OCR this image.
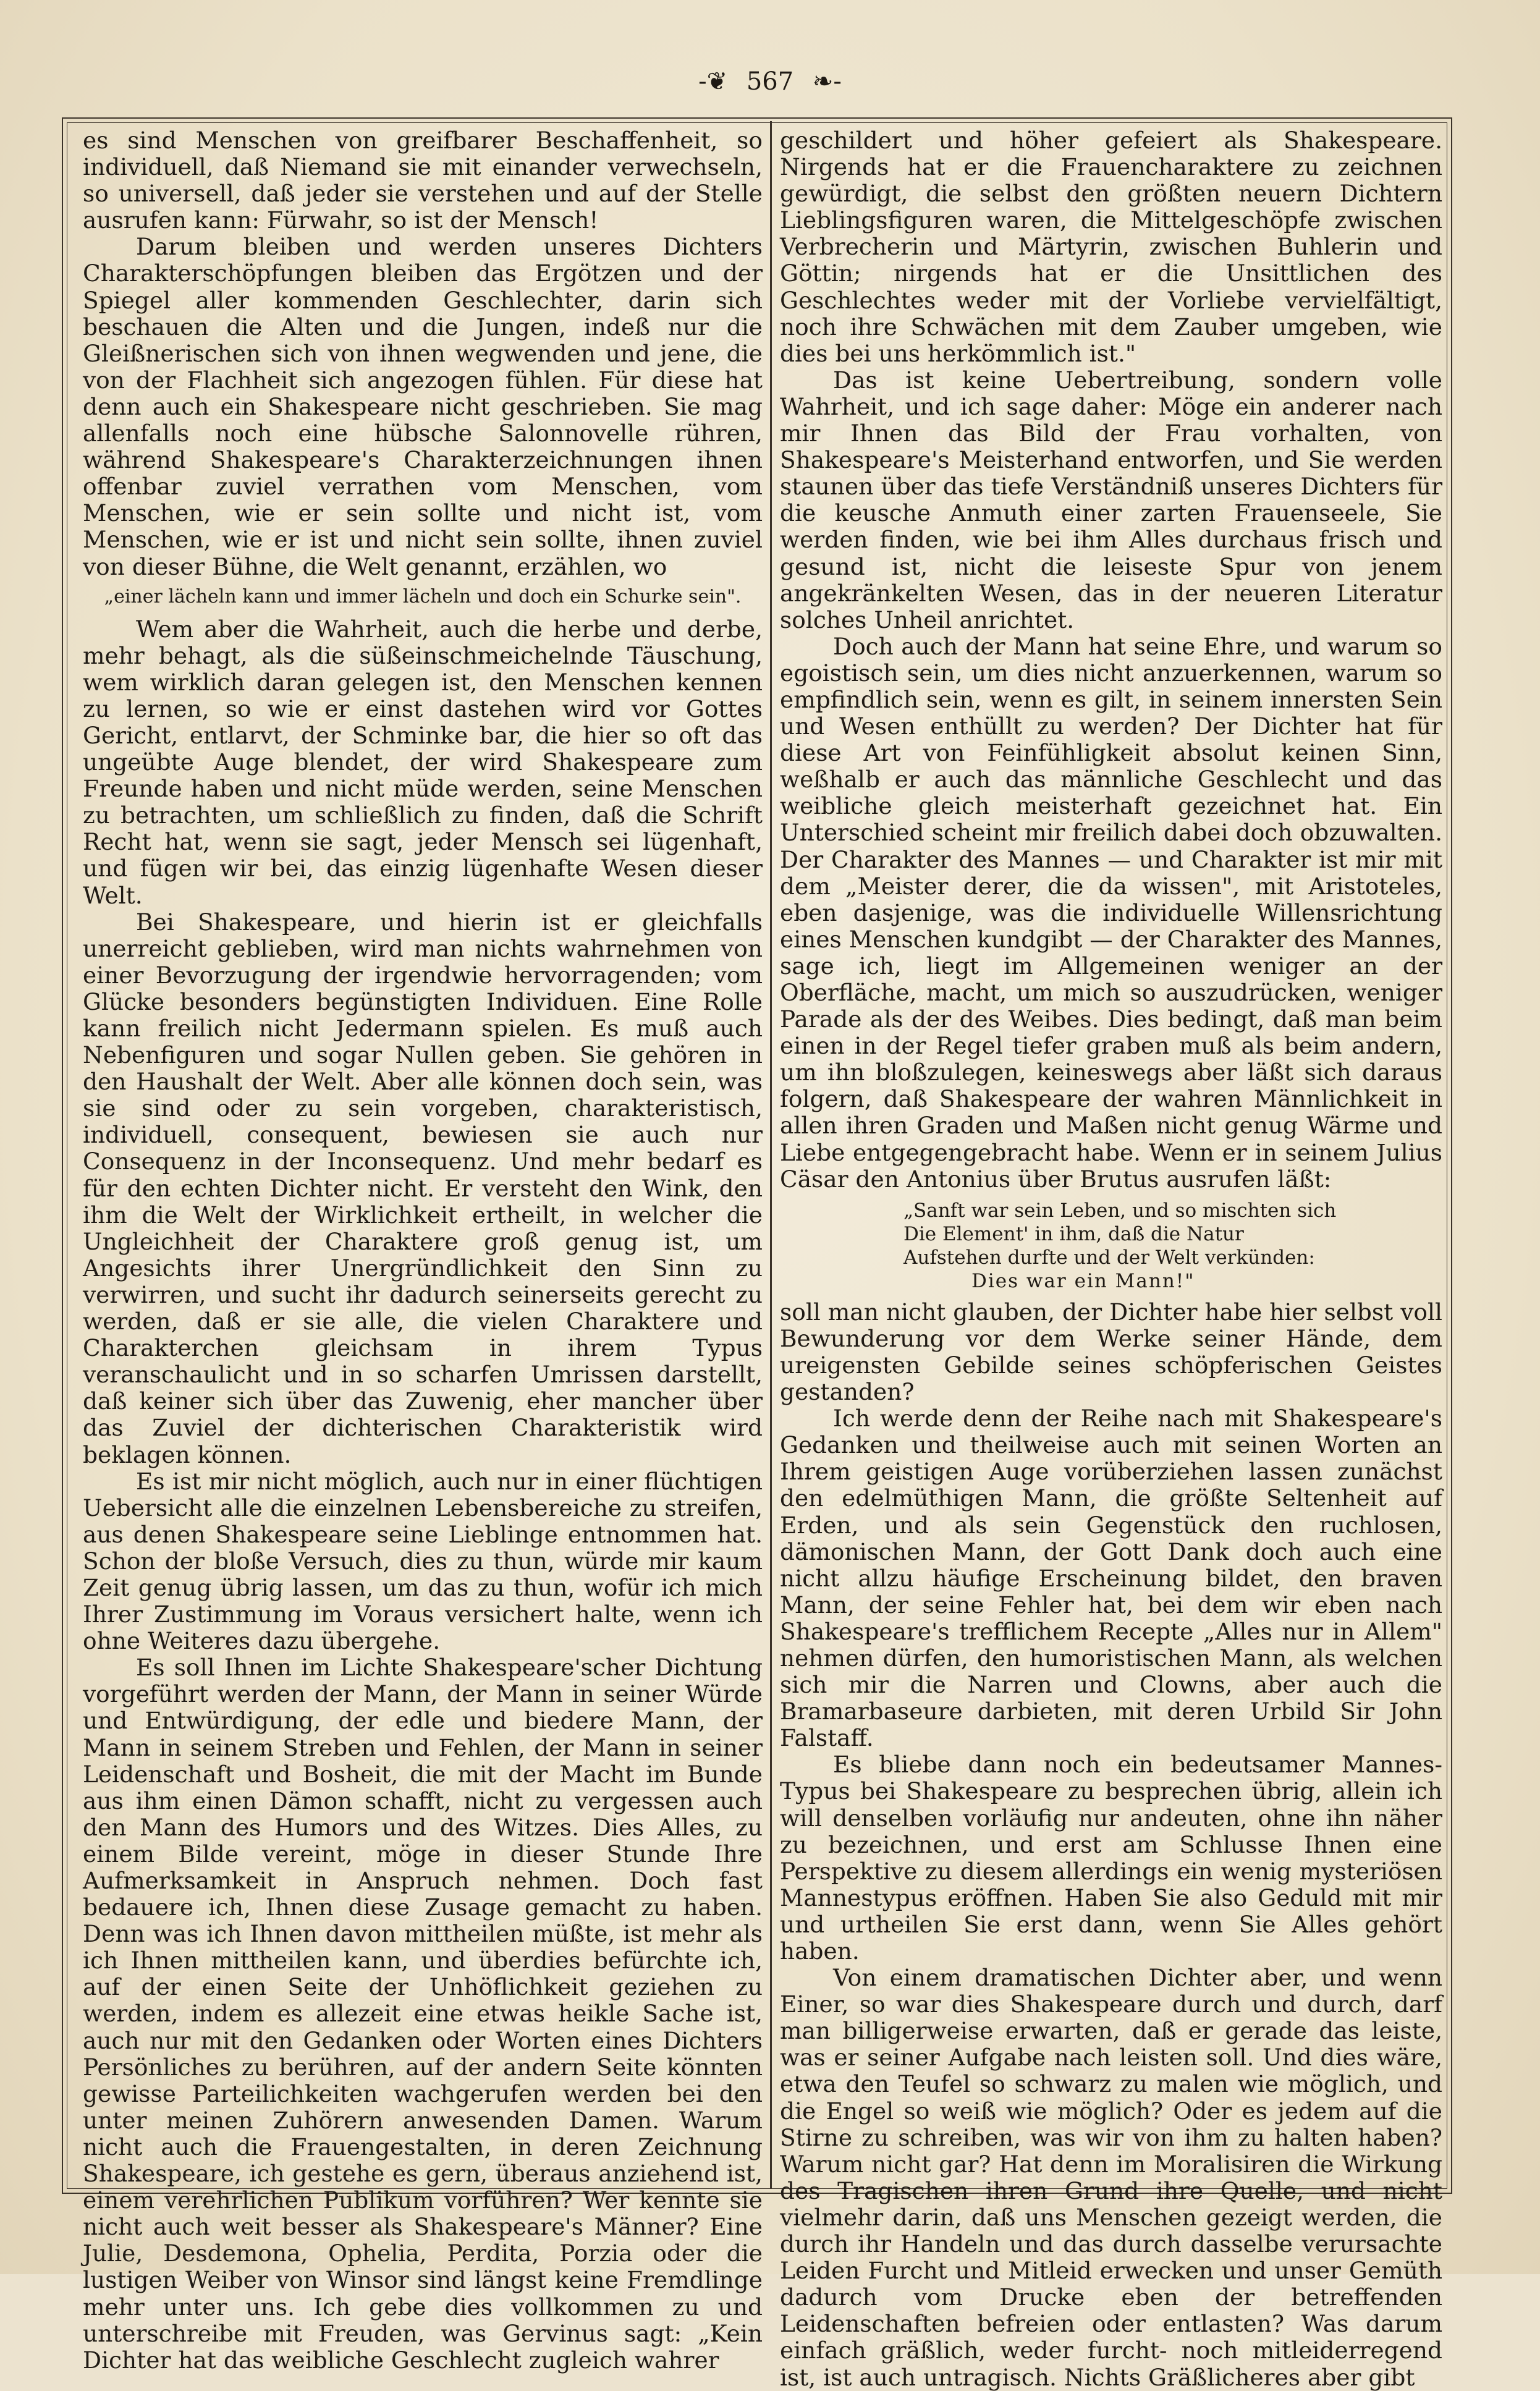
-❦ 567 ❧-

es sind Menschen von greifbarer Beschaffenheit, so individuell, daß Niemand sie mit einander verwechseln, so universell, daß jeder sie verstehen und auf der Stelle ausrufen kann: Fürwahr, so ist der Mensch!

Darum bleiben und werden unseres Dichters Charakterschöpfungen bleiben das Ergötzen und der Spiegel aller kommenden Geschlechter, darin sich beschauen die Alten und die Jungen, indeß nur die Gleißnerischen sich von ihnen wegwenden und jene, die von der Flachheit sich angezogen fühlen. Für diese hat denn auch ein Shakespeare nicht geschrieben. Sie mag allenfalls noch eine hübsche Salonnovelle rühren, während Shakespeare's Charakterzeichnungen ihnen offenbar zuviel verrathen vom Menschen, vom Menschen, wie er sein sollte und nicht ist, vom Menschen, wie er ist und nicht sein sollte, ihnen zuviel von dieser Bühne, die Welt genannt, erzählen, wo

„einer lächeln kann und immer lächeln und doch ein Schurke sein".

Wem aber die Wahrheit, auch die herbe und derbe, mehr behagt, als die süßeinschmeichelnde Täuschung, wem wirklich daran gelegen ist, den Menschen kennen zu lernen, so wie er einst dastehen wird vor Gottes Gericht, entlarvt, der Schminke bar, die hier so oft das ungeübte Auge blendet, der wird Shakespeare zum Freunde haben und nicht müde werden, seine Menschen zu betrachten, um schließlich zu finden, daß die Schrift Recht hat, wenn sie sagt, jeder Mensch sei lügenhaft, und fügen wir bei, das einzig lügenhafte Wesen dieser Welt.

Bei Shakespeare, und hierin ist er gleichfalls unerreicht geblieben, wird man nichts wahrnehmen von einer Bevorzugung der irgendwie hervorragenden; vom Glücke besonders begünstigten Individuen. Eine Rolle kann freilich nicht Jedermann spielen. Es muß auch Nebenfiguren und sogar Nullen geben. Sie gehören in den Haushalt der Welt. Aber alle können doch sein, was sie sind oder zu sein vorgeben, charakteristisch, individuell, consequent, bewiesen sie auch nur Consequenz in der Inconsequenz. Und mehr bedarf es für den echten Dichter nicht. Er versteht den Wink, den ihm die Welt der Wirklichkeit ertheilt, in welcher die Ungleichheit der Charaktere groß genug ist, um Angesichts ihrer Unergründlichkeit den Sinn zu verwirren, und sucht ihr dadurch seinerseits gerecht zu werden, daß er sie alle, die vielen Charaktere und Charakterchen gleichsam in ihrem Typus veranschaulicht und in so scharfen Umrissen darstellt, daß keiner sich über das Zuwenig, eher mancher über das Zuviel der dichterischen Charakteristik wird beklagen können.

Es ist mir nicht möglich, auch nur in einer flüchtigen Uebersicht alle die einzelnen Lebensbereiche zu streifen, aus denen Shakespeare seine Lieblinge entnommen hat. Schon der bloße Versuch, dies zu thun, würde mir kaum Zeit genug übrig lassen, um das zu thun, wofür ich mich Ihrer Zustimmung im Voraus versichert halte, wenn ich ohne Weiteres dazu übergehe.

Es soll Ihnen im Lichte Shakespeare'scher Dichtung vorgeführt werden der Mann, der Mann in seiner Würde und Entwürdigung, der edle und biedere Mann, der Mann in seinem Streben und Fehlen, der Mann in seiner Leidenschaft und Bosheit, die mit der Macht im Bunde aus ihm einen Dämon schafft, nicht zu vergessen auch den Mann des Humors und des Witzes. Dies Alles, zu einem Bilde vereint, möge in dieser Stunde Ihre Aufmerksamkeit in Anspruch nehmen. Doch fast bedauere ich, Ihnen diese Zusage gemacht zu haben. Denn was ich Ihnen davon mittheilen müßte, ist mehr als ich Ihnen mittheilen kann, und überdies befürchte ich, auf der einen Seite der Unhöflichkeit geziehen zu werden, indem es allezeit eine etwas heikle Sache ist, auch nur mit den Gedanken oder Worten eines Dichters Persönliches zu berühren, auf der andern Seite könnten gewisse Parteilichkeiten wachgerufen werden bei den unter meinen Zuhörern anwesenden Damen. Warum nicht auch die Frauengestalten, in deren Zeichnung Shakespeare, ich gestehe es gern, überaus anziehend ist, einem verehrlichen Publikum vorführen? Wer kennte sie nicht auch weit besser als Shakespeare's Männer? Eine Julie, Desdemona, Ophelia, Perdita, Porzia oder die lustigen Weiber von Winsor sind längst keine Fremdlinge mehr unter uns. Ich gebe dies vollkommen zu und unterschreibe mit Freuden, was Gervinus sagt: „Kein Dichter hat das weibliche Geschlecht zugleich wahrer

geschildert und höher gefeiert als Shakespeare. Nirgends hat er die Frauencharaktere zu zeichnen gewürdigt, die selbst den größten neuern Dichtern Lieblingsfiguren waren, die Mittelgeschöpfe zwischen Verbrecherin und Märtyrin, zwischen Buhlerin und Göttin; nirgends hat er die Unsittlichen des Geschlechtes weder mit der Vorliebe vervielfältigt, noch ihre Schwächen mit dem Zauber umgeben, wie dies bei uns herkömmlich ist."

Das ist keine Uebertreibung, sondern volle Wahrheit, und ich sage daher: Möge ein anderer nach mir Ihnen das Bild der Frau vorhalten, von Shakespeare's Meisterhand entworfen, und Sie werden staunen über das tiefe Verständniß unseres Dichters für die keusche Anmuth einer zarten Frauenseele, Sie werden finden, wie bei ihm Alles durchaus frisch und gesund ist, nicht die leiseste Spur von jenem angekränkelten Wesen, das in der neueren Literatur solches Unheil anrichtet.

Doch auch der Mann hat seine Ehre, und warum so egoistisch sein, um dies nicht anzuerkennen, warum so empfindlich sein, wenn es gilt, in seinem innersten Sein und Wesen enthüllt zu werden? Der Dichter hat für diese Art von Feinfühligkeit absolut keinen Sinn, weßhalb er auch das männliche Geschlecht und das weibliche gleich meisterhaft gezeichnet hat. Ein Unterschied scheint mir freilich dabei doch obzuwalten. Der Charakter des Mannes — und Charakter ist mir mit dem „Meister derer, die da wissen", mit Aristoteles, eben dasjenige, was die individuelle Willensrichtung eines Menschen kundgibt — der Charakter des Mannes, sage ich, liegt im Allgemeinen weniger an der Oberfläche, macht, um mich so auszudrücken, weniger Parade als der des Weibes. Dies bedingt, daß man beim einen in der Regel tiefer graben muß als beim andern, um ihn bloßzulegen, keineswegs aber läßt sich daraus folgern, daß Shakespeare der wahren Männlichkeit in allen ihren Graden und Maßen nicht genug Wärme und Liebe entgegengebracht habe. Wenn er in seinem Julius Cäsar den Antonius über Brutus ausrufen läßt:

„Sanft war sein Leben, und so mischten sich
Die Element' in ihm, daß die Natur
Aufstehen durfte und der Welt verkünden:
Dies war ein Mann!"

soll man nicht glauben, der Dichter habe hier selbst voll Bewunderung vor dem Werke seiner Hände, dem ureigensten Gebilde seines schöpferischen Geistes gestanden?

Ich werde denn der Reihe nach mit Shakespeare's Gedanken und theilweise auch mit seinen Worten an Ihrem geistigen Auge vorüberziehen lassen zunächst den edelmüthigen Mann, die größte Seltenheit auf Erden, und als sein Gegenstück den ruchlosen, dämonischen Mann, der Gott Dank doch auch eine nicht allzu häufige Erscheinung bildet, den braven Mann, der seine Fehler hat, bei dem wir eben nach Shakespeare's trefflichem Recepte „Alles nur in Allem" nehmen dürfen, den humoristischen Mann, als welchen sich mir die Narren und Clowns, aber auch die Bramarbaseure darbieten, mit deren Urbild Sir John Falstaff.

Es bliebe dann noch ein bedeutsamer Mannes-Typus bei Shakespeare zu besprechen übrig, allein ich will denselben vorläufig nur andeuten, ohne ihn näher zu bezeichnen, und erst am Schlusse Ihnen eine Perspektive zu diesem allerdings ein wenig mysteriösen Mannestypus eröffnen. Haben Sie also Geduld mit mir und urtheilen Sie erst dann, wenn Sie Alles gehört haben.

Von einem dramatischen Dichter aber, und wenn Einer, so war dies Shakespeare durch und durch, darf man billigerweise erwarten, daß er gerade das leiste, was er seiner Aufgabe nach leisten soll. Und dies wäre, etwa den Teufel so schwarz zu malen wie möglich, und die Engel so weiß wie möglich? Oder es jedem auf die Stirne zu schreiben, was wir von ihm zu halten haben? Warum nicht gar? Hat denn im Moralisiren die Wirkung des Tragischen ihren Grund ihre Quelle, und nicht vielmehr darin, daß uns Menschen gezeigt werden, die durch ihr Handeln und das durch dasselbe verursachte Leiden Furcht und Mitleid erwecken und unser Gemüth dadurch vom Drucke eben der betreffenden Leidenschaften befreien oder entlasten? Was darum einfach gräßlich, weder furcht- noch mitleiderregend ist, ist auch untragisch. Nichts Gräßlicheres aber gibt
